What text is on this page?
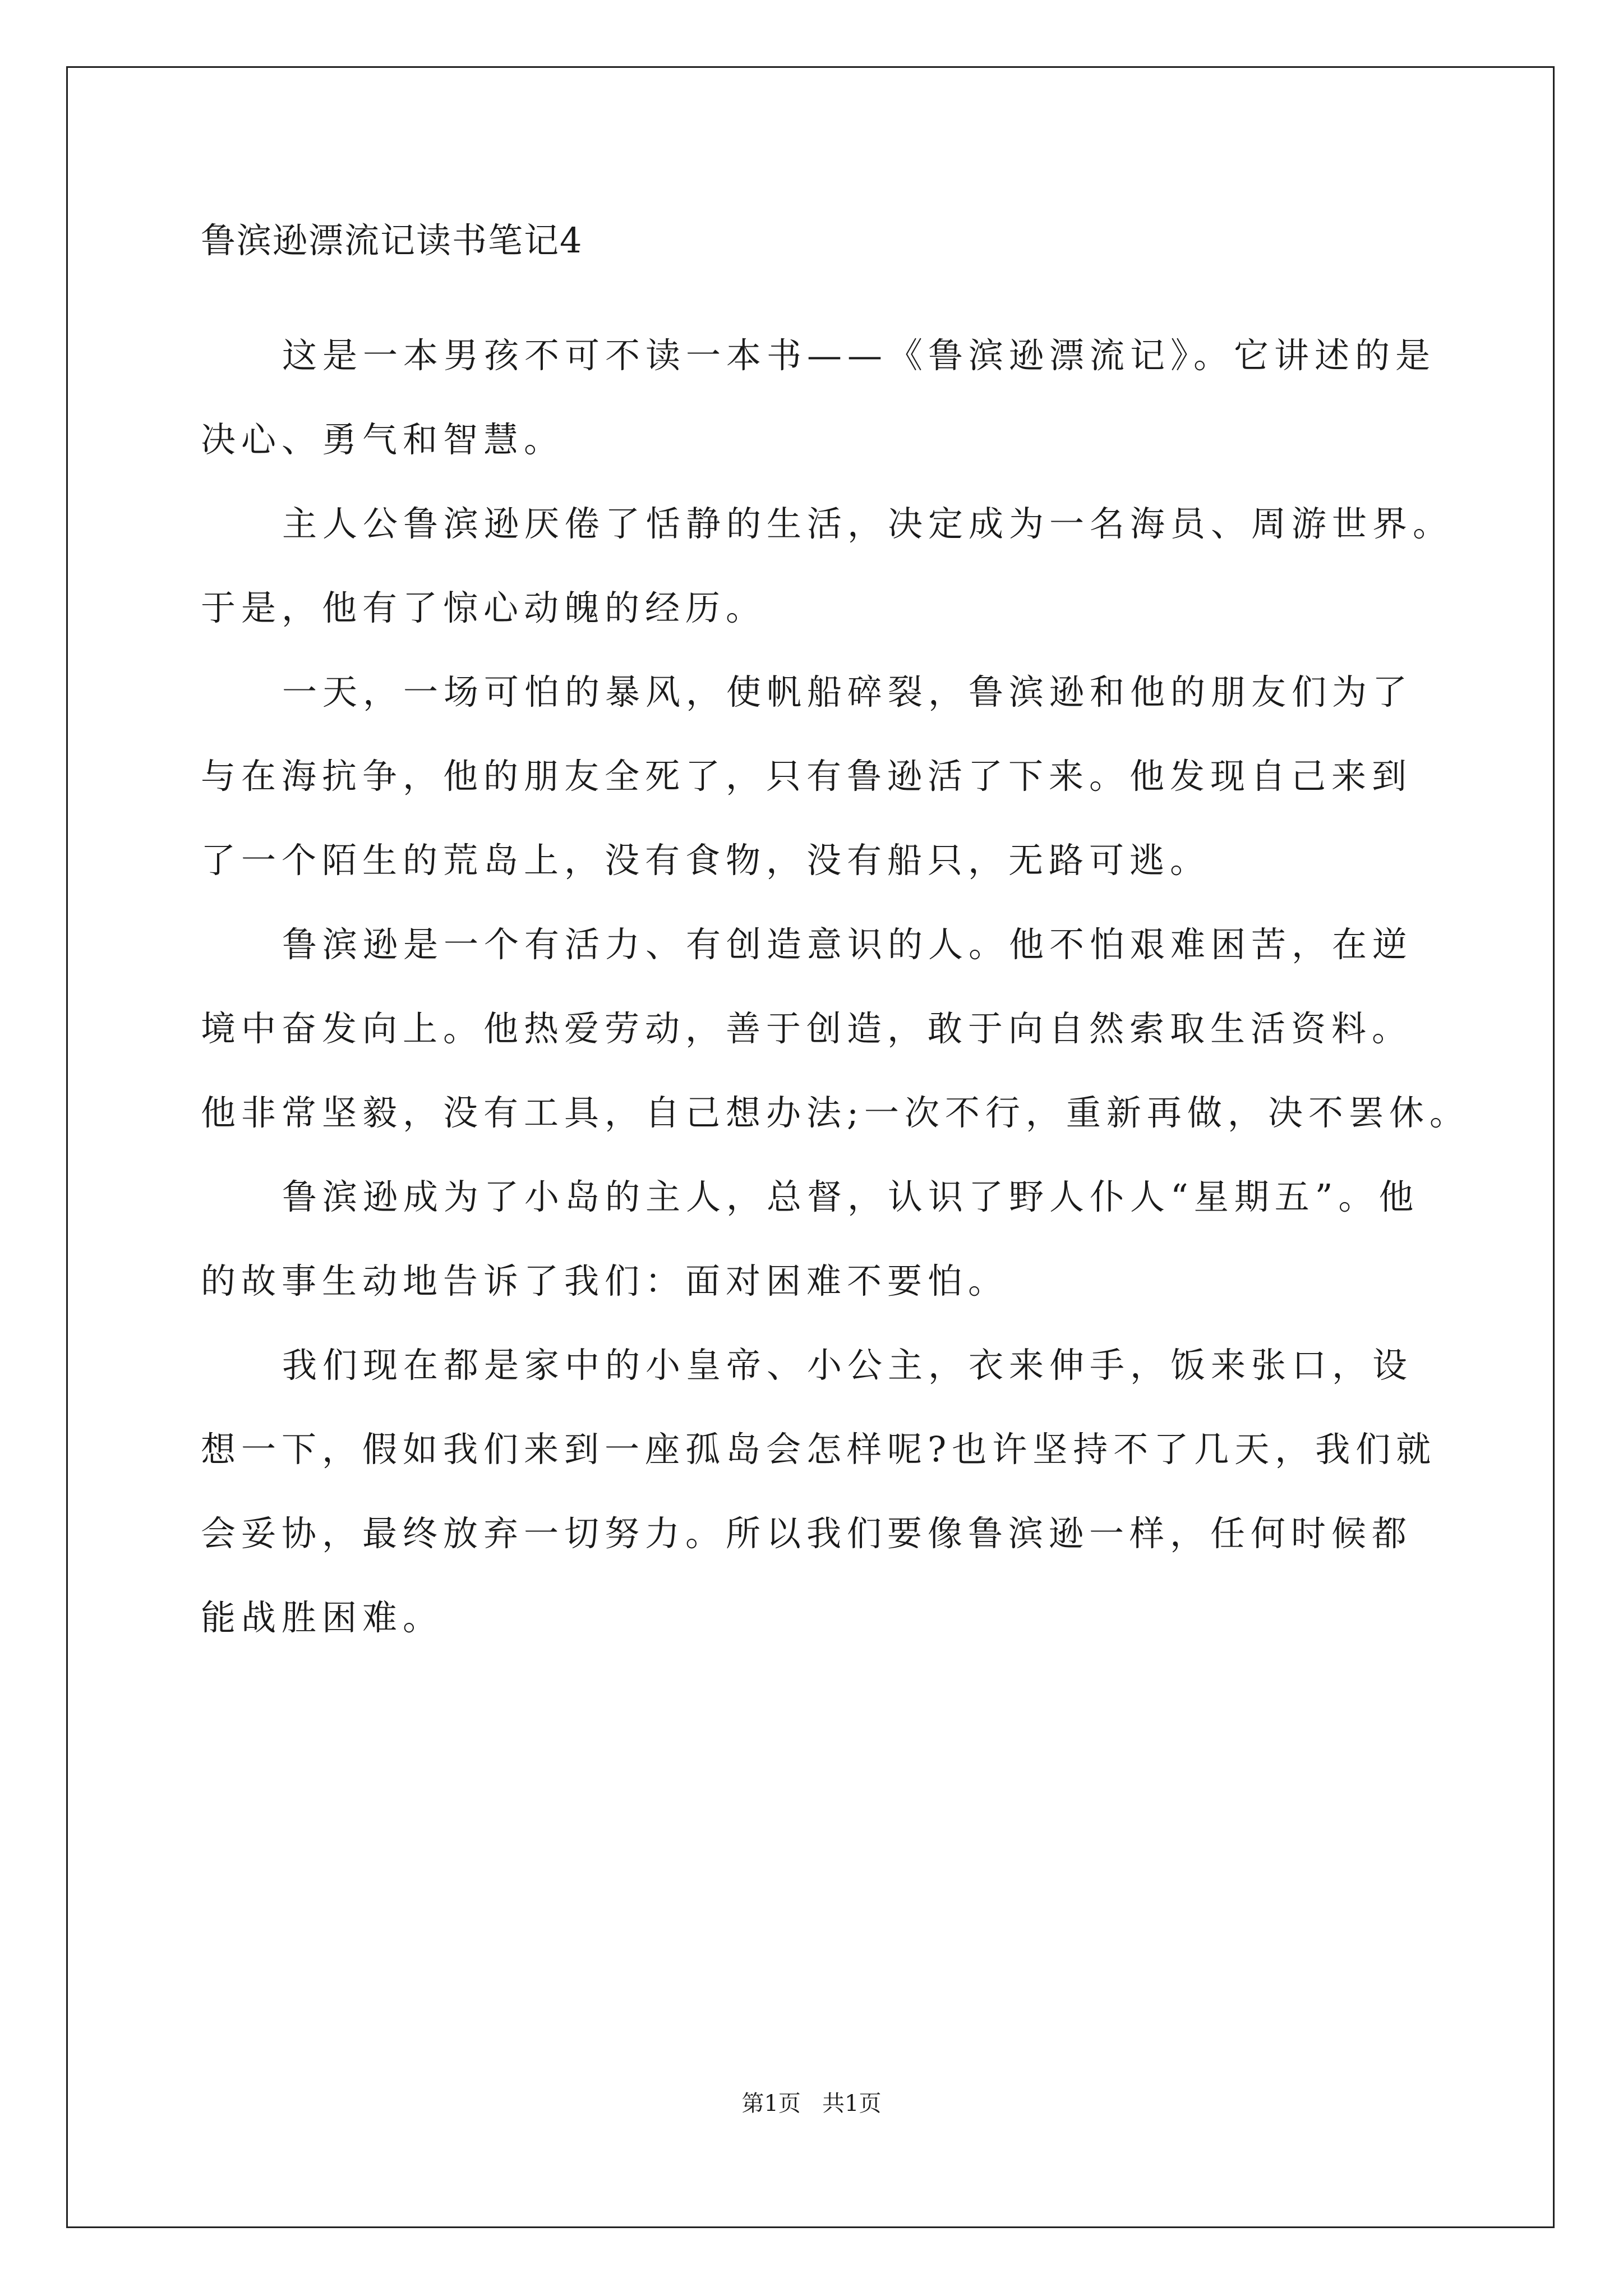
鲁滨逊漂流记读书笔记4
这是一本男孩不可不读一本书——《鲁滨逊漂流记》。它讲述的是
决心、勇气和智慧。
主人公鲁滨逊厌倦了恬静的生活，决定成为一名海员、周游世界。
于是，他有了惊心动魄的经历。
一天，一场可怕的暴风，使帆船碎裂，鲁滨逊和他的朋友们为了
与在海抗争，他的朋友全死了，只有鲁逊活了下来。他发现自己来到
了一个陌生的荒岛上，没有食物，没有船只，无路可逃。
鲁滨逊是一个有活力、有创造意识的人。他不怕艰难困苦，在逆
境中奋发向上。他热爱劳动，善于创造，敢于向自然索取生活资料。
他非常坚毅，没有工具，自己想办法;一次不行，重新再做，决不罢休。
鲁滨逊成为了小岛的主人，总督，认识了野人仆人“星期五”。他
的故事生动地告诉了我们：面对困难不要怕。
我们现在都是家中的小皇帝、小公主，衣来伸手，饭来张口，设
想一下，假如我们来到一座孤岛会怎样呢?也许坚持不了几天，我们就
会妥协，最终放弃一切努力。所以我们要像鲁滨逊一样，任何时候都
能战胜困难。
第1页   共1页
